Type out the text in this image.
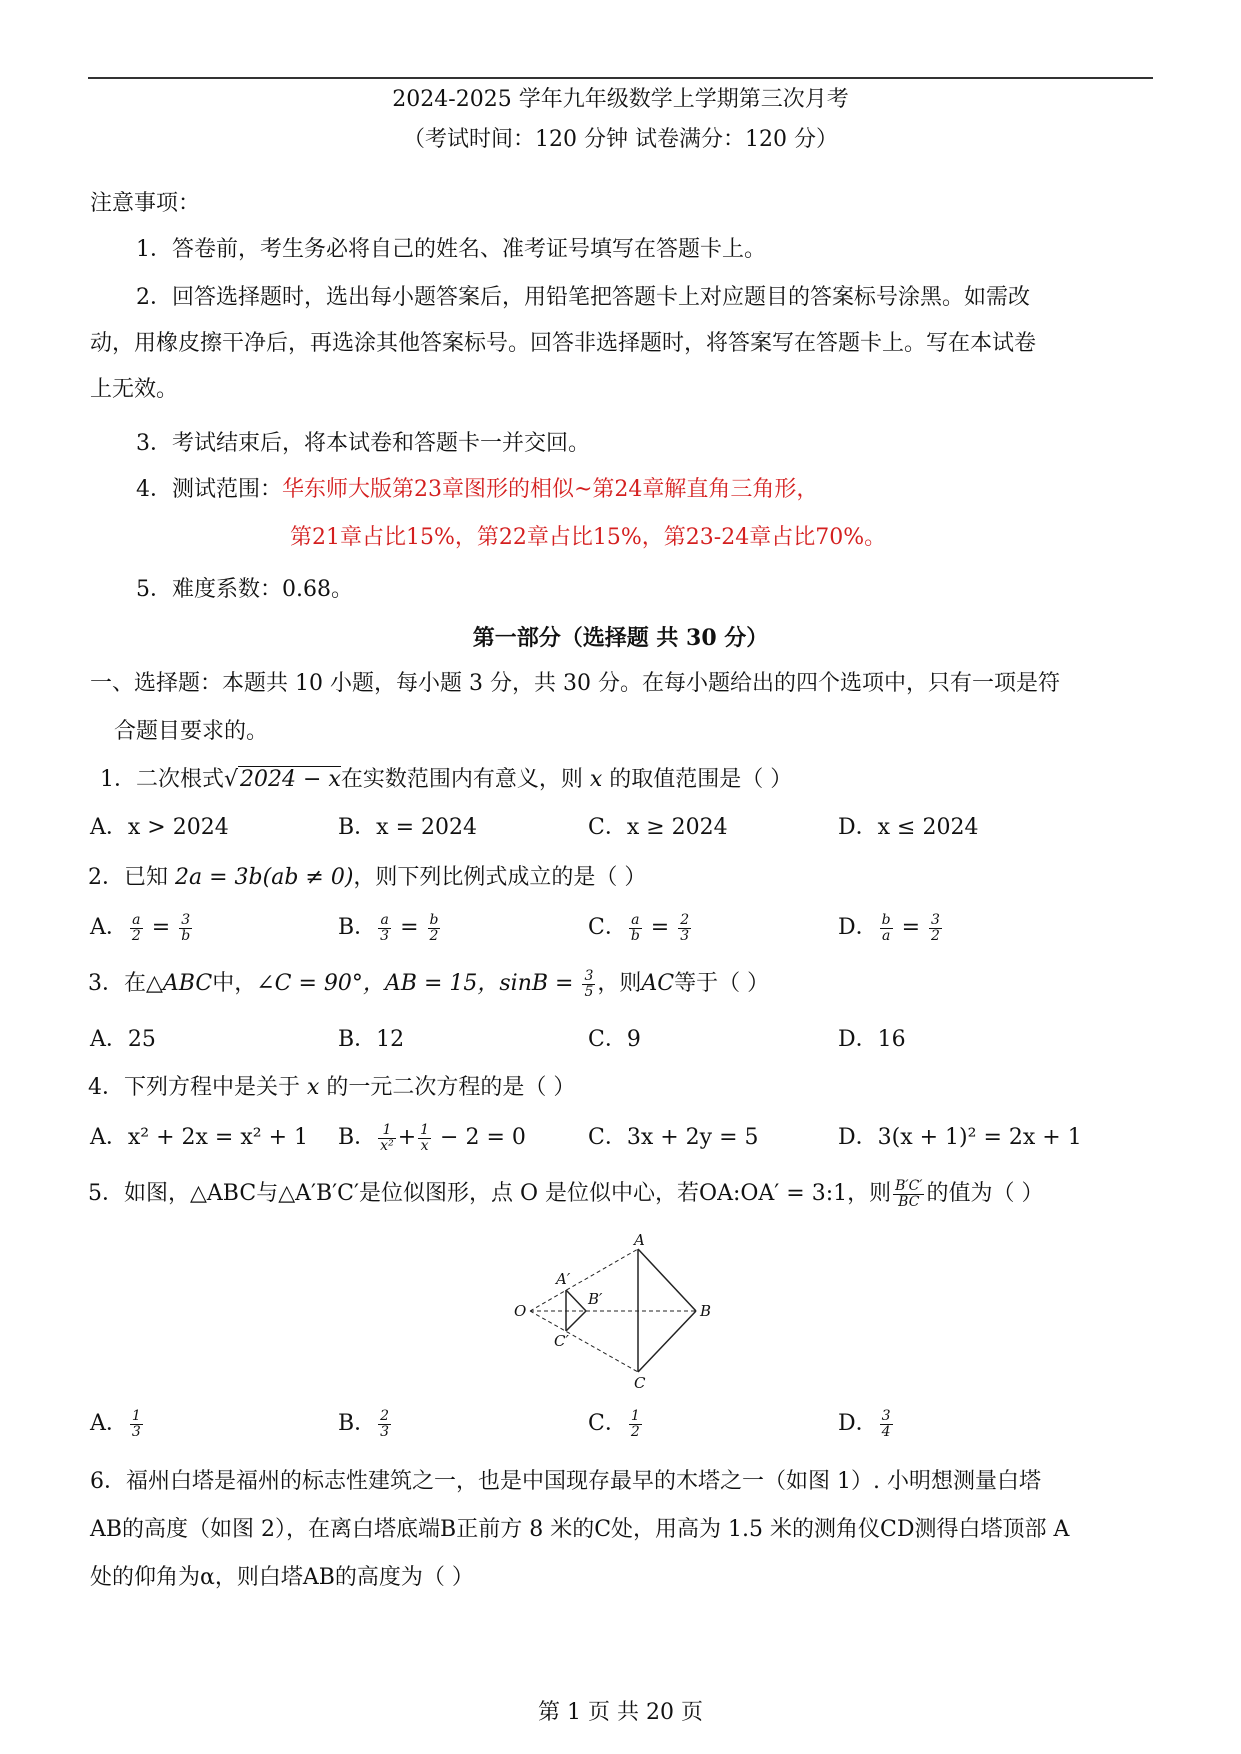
2024-2025 学年九年级数学上学期第三次月考
（考试时间：120 分钟 试卷满分：120 分）
注意事项：
1．答卷前，考生务必将自己的姓名、准考证号填写在答题卡上。
2．回答选择题时，选出每小题答案后，用铅笔把答题卡上对应题目的答案标号涂黑。如需改
动，用橡皮擦干净后，再选涂其他答案标号。回答非选择题时，将答案写在答题卡上。写在本试卷
上无效。
3．考试结束后，将本试卷和答题卡一并交回。
4．测试范围：华东师大版第23章图形的相似~第24章解直角三角形，
第21章占比15%，第22章占比15%，第23-24章占比70%。
5．难度系数：0.68。
第一部分（选择题 共 30 分）
一、选择题：本题共 10 小题，每小题 3 分，共 30 分。在每小题给出的四个选项中，只有一项是符
合题目要求的。
1．二次根式√2024 − x在实数范围内有意义，则 x 的取值范围是（ ）
A．x > 2024	B．x = 2024	C．x ≥ 2024	D．x ≤ 2024
2．已知 2a = 3b(ab ≠ 0)，则下列比例式成立的是（ ）
A． $\frac{a}{2} = \frac{3}{b}$	B． $\frac{a}{3} = \frac{b}{2}$	C． $\frac{a}{b} = \frac{2}{3}$	D． $\frac{b}{a} = \frac{3}{2}$
3．在△ABC中，∠C = 90°，AB = 15，$\sin B = \frac{3}{5}$ ，则AC等于（ ）
A．25	B．12	C．9	D．16
4．下列方程中是关于 x 的一元二次方程的是（ ）
A．x² + 2x = x² + 1 B． $\frac{1}{\text{x²}} + \frac{1}{x} - 2 = 0$	C．3x + 2y = 5	D．3(x + 1)² = 2x + 1
5．如图，△ABC与△A′B′C′是位似图形，点 O 是位似中心，若OA:OA′ = 3:1，则 $\frac{B'C'}{BC}$ 的值为（ ）
A
B
C
O
A′
B′
C′
A． $\frac{1}{3}$	B． $\frac{2}{3}$	C． $\frac{1}{2}$	D． $\frac{3}{4}$
6．福州白塔是福州的标志性建筑之一，也是中国现存最早的木塔之一（如图 1）. 小明想测量白塔
AB的高度（如图 2），在离白塔底端B正前方 8 米的C处，用高为 1.5 米的测角仪CD测得白塔顶部 A
处的仰角为α，则白塔AB的高度为（ ）
第 1 页 共 20 页
